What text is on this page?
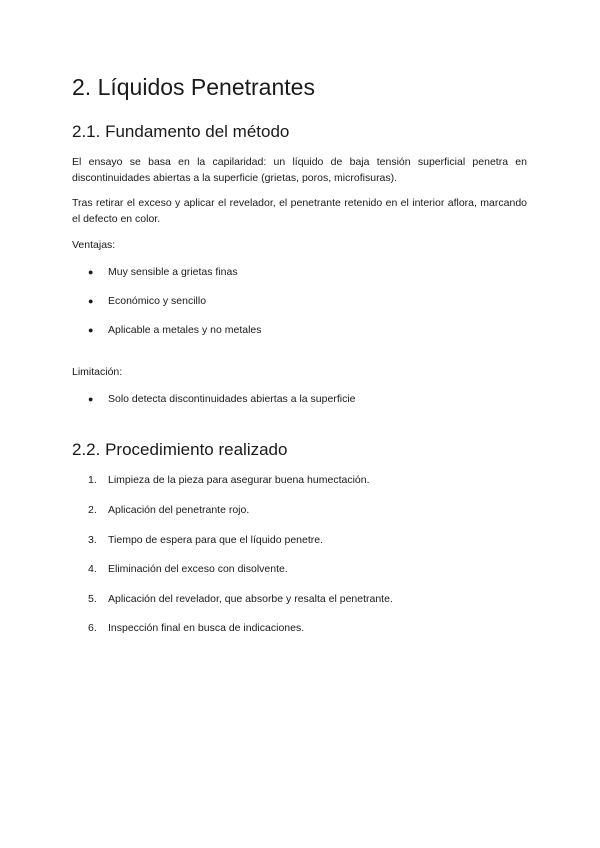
2. Líquidos Penetrantes
2.1. Fundamento del método

El ensayo se basa en la capilaridad: un líquido de baja tensión superficial penetra en discontinuidades abiertas a la superficie (grietas, poros, microfisuras).

Tras retirar el exceso y aplicar el revelador, el penetrante retenido en el interior aflora, marcando el defecto en color.

Ventajas:
● Muy sensible a grietas finas
● Económico y sencillo
● Aplicable a metales y no metales
Limitación:
● Solo detecta discontinuidades abiertas a la superficie
2.2. Procedimiento realizado
1. Limpieza de la pieza para asegurar buena humectación.
2. Aplicación del penetrante rojo.
3. Tiempo de espera para que el líquido penetre.
4. Eliminación del exceso con disolvente.
5. Aplicación del revelador, que absorbe y resalta el penetrante.
6. Inspección final en busca de indicaciones.
